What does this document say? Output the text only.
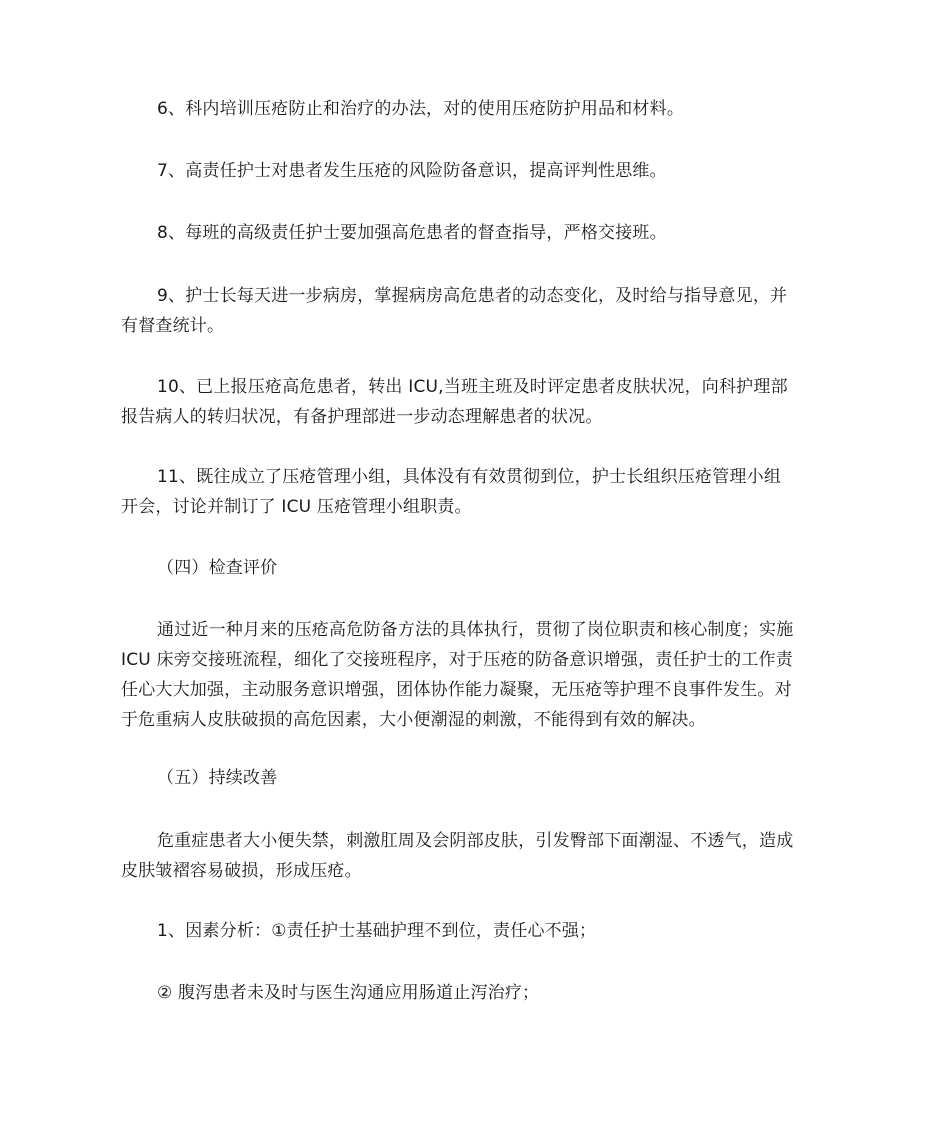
6、科内培训压疮防止和治疗的办法，对的使用压疮防护用品和材料。

7、高责任护士对患者发生压疮的风险防备意识，提高评判性思维。

8、每班的高级责任护士要加强高危患者的督查指导，严格交接班。

9、护士长每天进一步病房，掌握病房高危患者的动态变化，及时给与指导意见，并
有督查统计。

10、已上报压疮高危患者，转出 ICU,当班主班及时评定患者皮肤状况，向科护理部
报告病人的转归状况，有备护理部进一步动态理解患者的状况。

11、既往成立了压疮管理小组，具体没有有效贯彻到位，护士长组织压疮管理小组
开会，讨论并制订了 ICU 压疮管理小组职责。

（四）检查评价

通过近一种月来的压疮高危防备方法的具体执行，贯彻了岗位职责和核心制度；实施
ICU 床旁交接班流程，细化了交接班程序，对于压疮的防备意识增强，责任护士的工作责
任心大大加强，主动服务意识增强，团体协作能力凝聚，无压疮等护理不良事件发生。对
于危重病人皮肤破损的高危因素，大小便潮湿的刺激，不能得到有效的解决。

（五）持续改善

危重症患者大小便失禁，刺激肛周及会阴部皮肤，引发臀部下面潮湿、不透气，造成
皮肤皱褶容易破损，形成压疮。

1、因素分析：①责任护士基础护理不到位，责任心不强；

② 腹泻患者未及时与医生沟通应用肠道止泻治疗；
